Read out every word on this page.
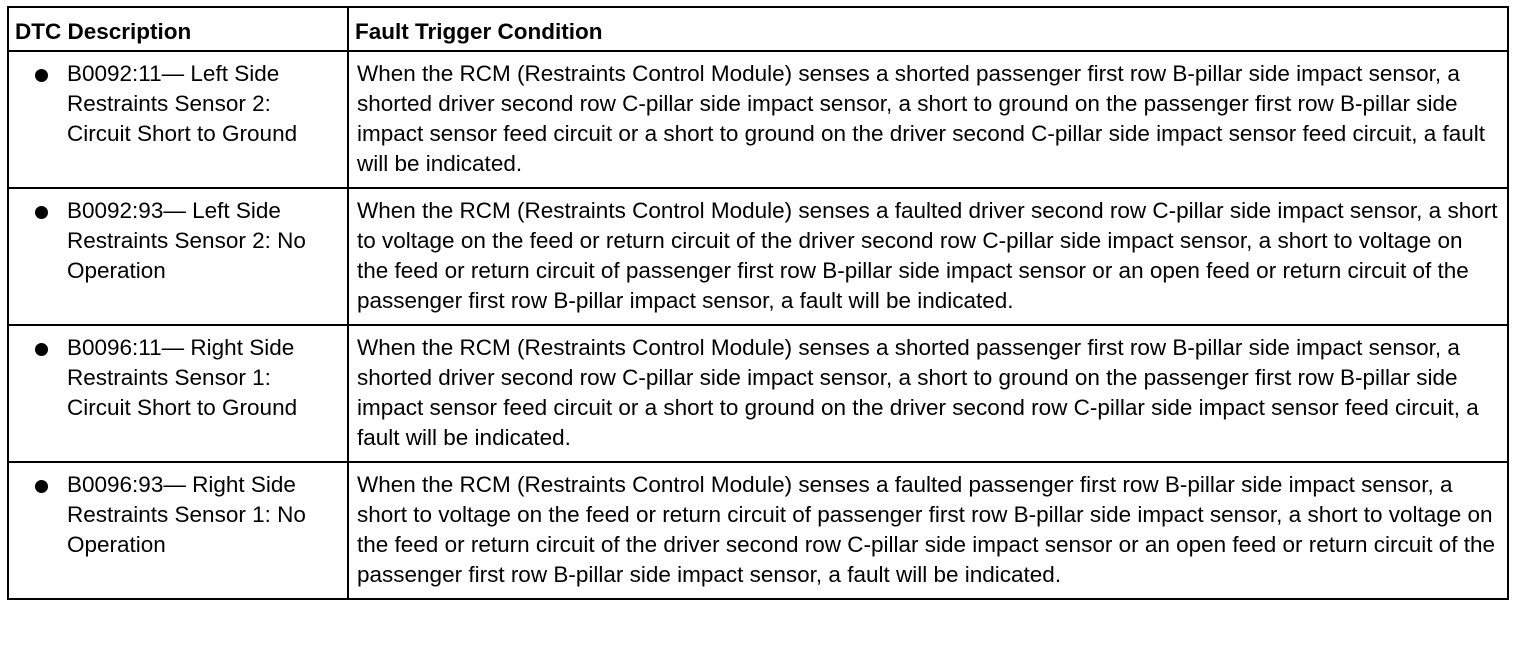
DTC Description	Fault Trigger Condition

B0092:11— Left Side Restraints Sensor 2: Circuit Short to Ground	When the RCM (Restraints Control Module) senses a shorted passenger first row B-pillar side impact sensor, a shorted driver second row C-pillar side impact sensor, a short to ground on the passenger first row B-pillar side impact sensor feed circuit or a short to ground on the driver second C-pillar side impact sensor feed circuit, a fault will be indicated.

B0092:93— Left Side Restraints Sensor 2: No Operation	When the RCM (Restraints Control Module) senses a faulted driver second row C-pillar side impact sensor, a short to voltage on the feed or return circuit of the driver second row C-pillar side impact sensor, a short to voltage on the feed or return circuit of passenger first row B-pillar side impact sensor or an open feed or return circuit of the passenger first row B-pillar impact sensor, a fault will be indicated.

B0096:11— Right Side Restraints Sensor 1: Circuit Short to Ground	When the RCM (Restraints Control Module) senses a shorted passenger first row B-pillar side impact sensor, a shorted driver second row C-pillar side impact sensor, a short to ground on the passenger first row B-pillar side impact sensor feed circuit or a short to ground on the driver second row C-pillar side impact sensor feed circuit, a fault will be indicated.

B0096:93— Right Side Restraints Sensor 1: No Operation	When the RCM (Restraints Control Module) senses a faulted passenger first row B-pillar side impact sensor, a short to voltage on the feed or return circuit of passenger first row B-pillar side impact sensor, a short to voltage on the feed or return circuit of the driver second row C-pillar side impact sensor or an open feed or return circuit of the passenger first row B-pillar side impact sensor, a fault will be indicated.
